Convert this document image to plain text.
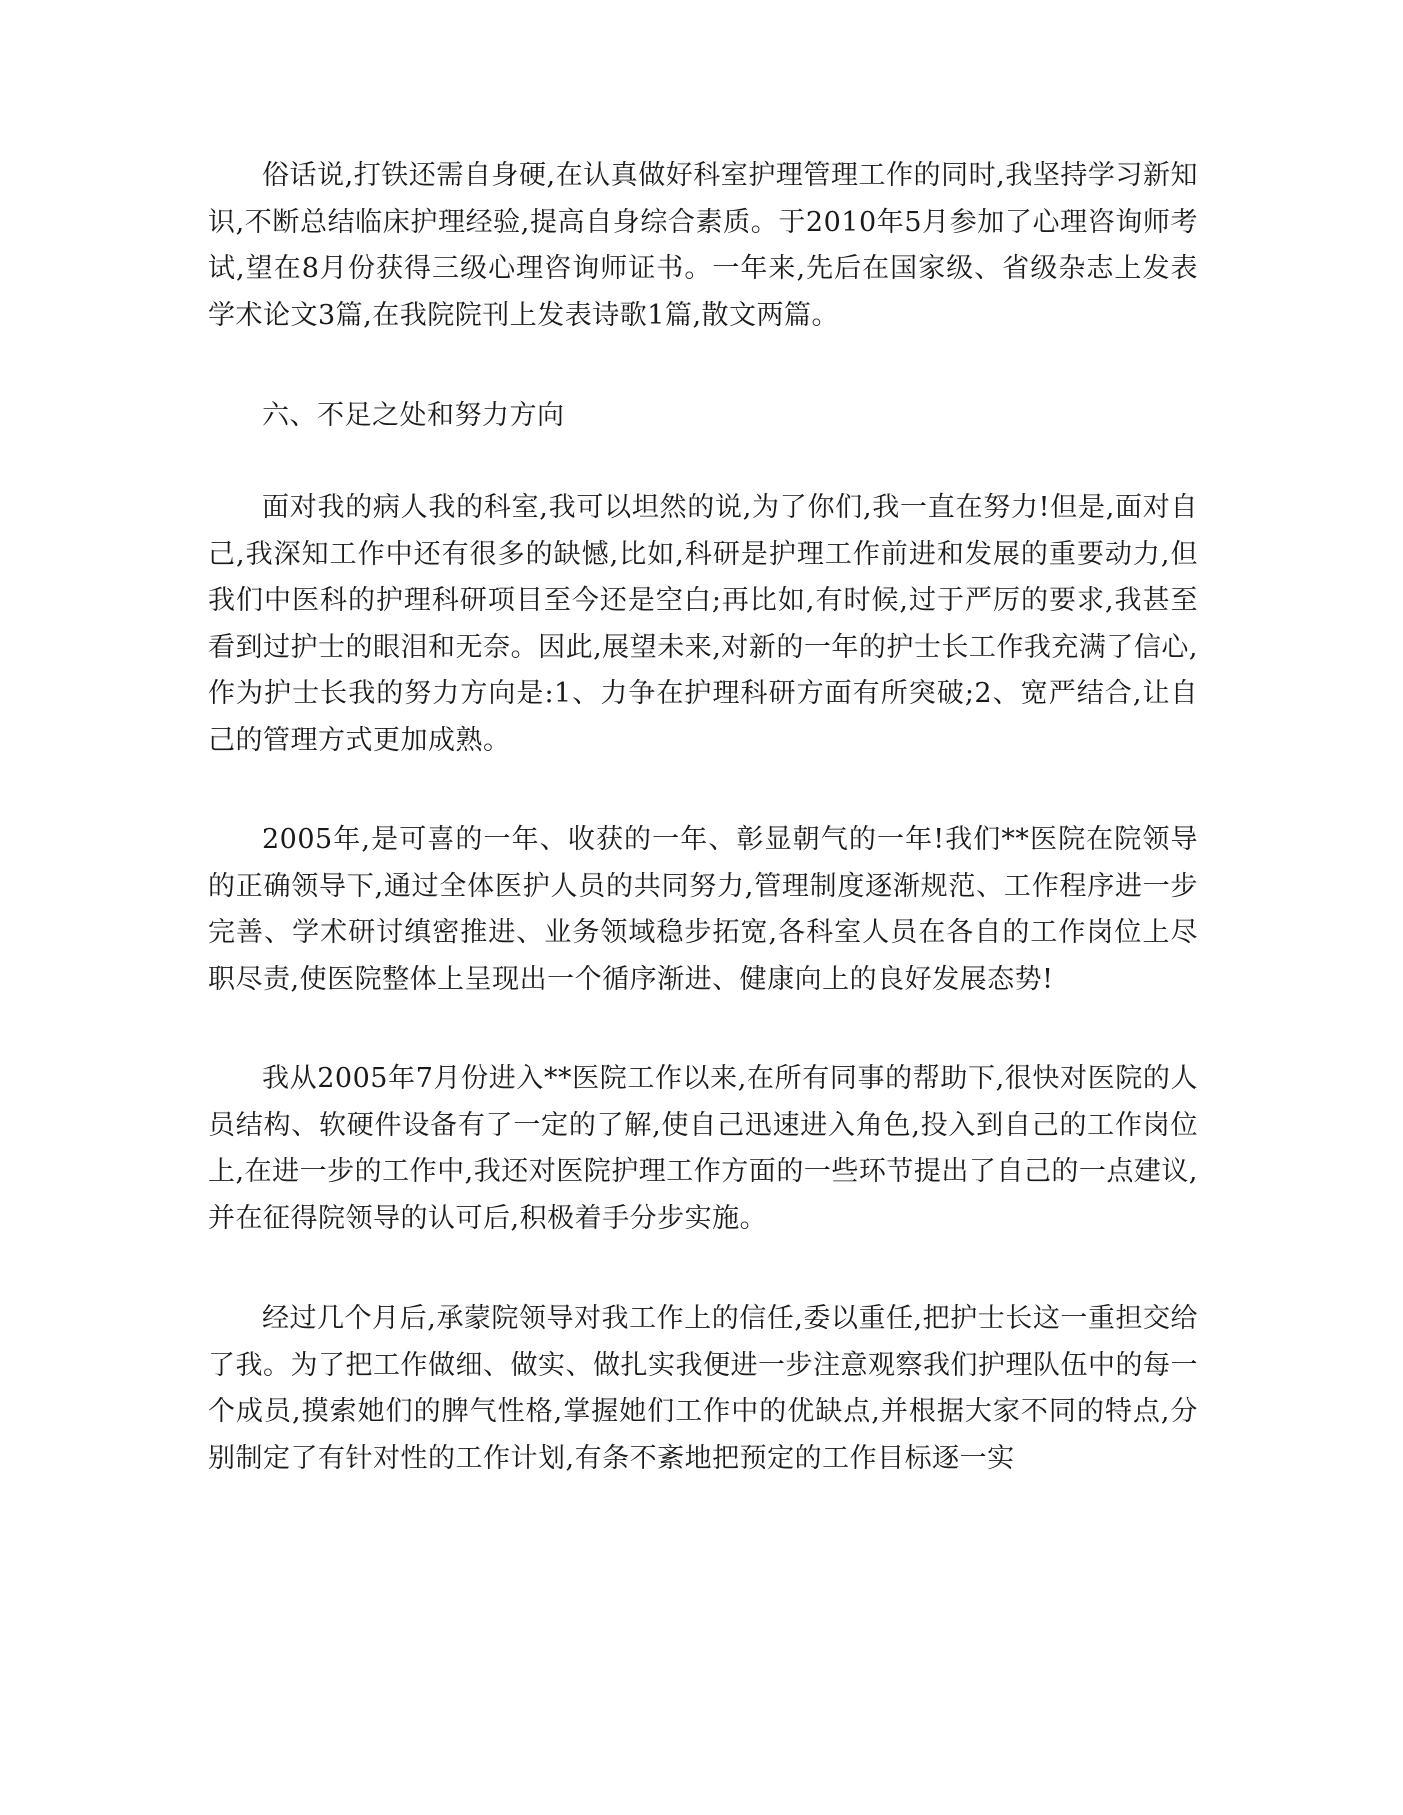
俗话说,打铁还需自身硬,在认真做好科室护理管理工作的同时,我坚持学习新知识,不断总结临床护理经验,提高自身综合素质。于2010年5月参加了心理咨询师考试,望在8月份获得三级心理咨询师证书。一年来,先后在国家级、省级杂志上发表学术论文3篇,在我院院刊上发表诗歌1篇,散文两篇。

六、不足之处和努力方向

面对我的病人我的科室,我可以坦然的说,为了你们,我一直在努力!但是,面对自己,我深知工作中还有很多的缺憾,比如,科研是护理工作前进和发展的重要动力,但我们中医科的护理科研项目至今还是空白;再比如,有时候,过于严厉的要求,我甚至看到过护士的眼泪和无奈。因此,展望未来,对新的一年的护士长工作我充满了信心,作为护士长我的努力方向是:1、力争在护理科研方面有所突破;2、宽严结合,让自己的管理方式更加成熟。

2005年,是可喜的一年、收获的一年、彰显朝气的一年!我们**医院在院领导的正确领导下,通过全体医护人员的共同努力,管理制度逐渐规范、工作程序进一步完善、学术研讨缜密推进、业务领域稳步拓宽,各科室人员在各自的工作岗位上尽职尽责,使医院整体上呈现出一个循序渐进、健康向上的良好发展态势!

我从2005年7月份进入**医院工作以来,在所有同事的帮助下,很快对医院的人员结构、软硬件设备有了一定的了解,使自己迅速进入角色,投入到自己的工作岗位上,在进一步的工作中,我还对医院护理工作方面的一些环节提出了自己的一点建议,并在征得院领导的认可后,积极着手分步实施。

经过几个月后,承蒙院领导对我工作上的信任,委以重任,把护士长这一重担交给了我。为了把工作做细、做实、做扎实我便进一步注意观察我们护理队伍中的每一个成员,摸索她们的脾气性格,掌握她们工作中的优缺点,并根据大家不同的特点,分别制定了有针对性的工作计划,有条不紊地把预定的工作目标逐一实
